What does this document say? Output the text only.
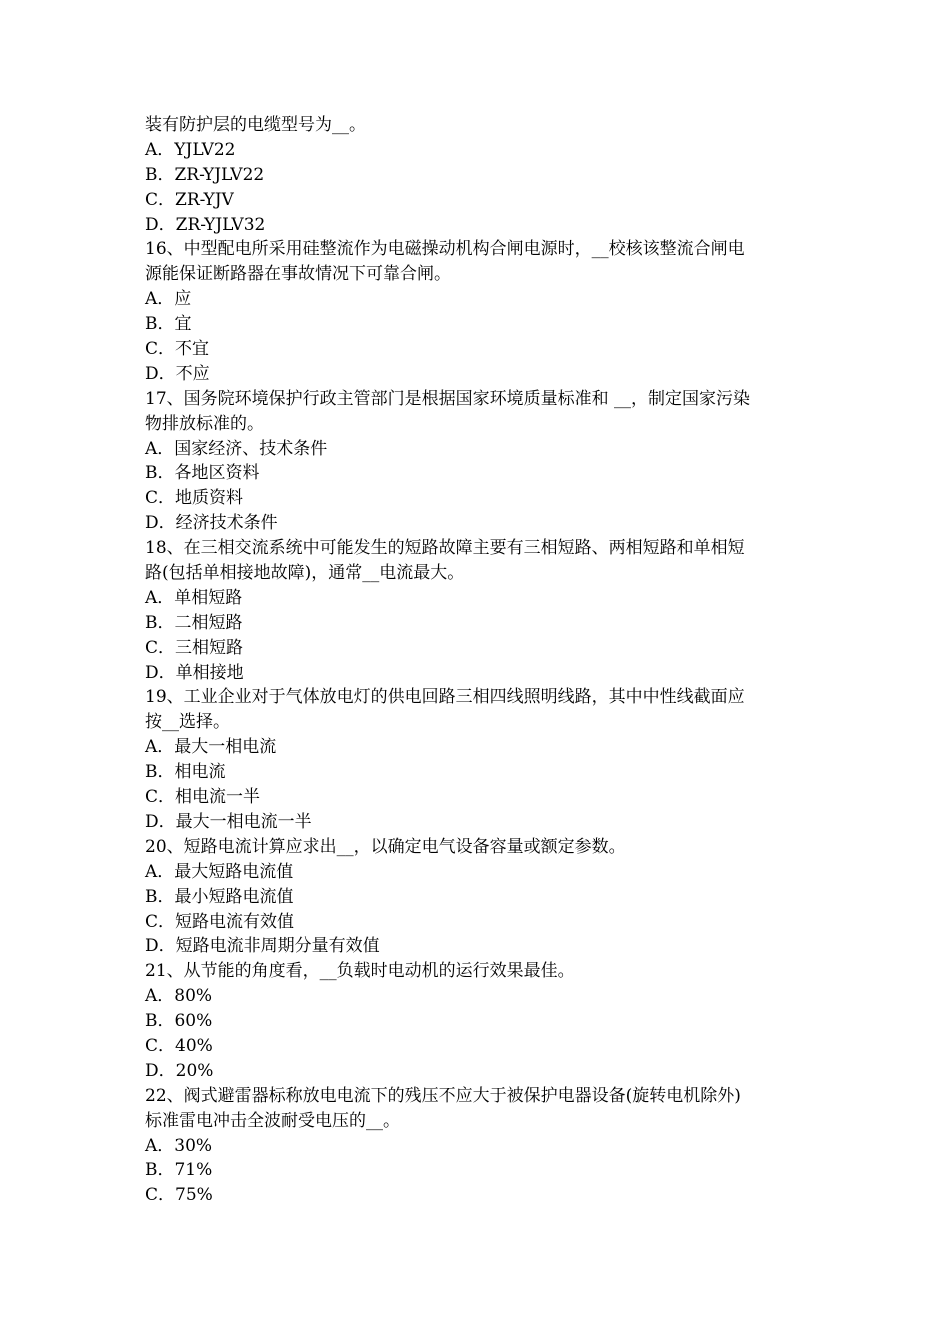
装有防护层的电缆型号为__。
A．YJLV22
B．ZR-YJLV22
C．ZR-YJV
D．ZR-YJLV32
16、中型配电所采用硅整流作为电磁操动机构合闸电源时，__校核该整流合闸电
源能保证断路器在事故情况下可靠合闸。
A．应
B．宜
C．不宜
D．不应
17、国务院环境保护行政主管部门是根据国家环境质量标准和 __，制定国家污染
物排放标准的。
A．国家经济、技术条件
B．各地区资料
C．地质资料
D．经济技术条件
18、在三相交流系统中可能发生的短路故障主要有三相短路、两相短路和单相短
路(包括单相接地故障)，通常__电流最大。
A．单相短路
B．二相短路
C．三相短路
D．单相接地
19、工业企业对于气体放电灯的供电回路三相四线照明线路，其中中性线截面应
按__选择。
A．最大一相电流
B．相电流
C．相电流一半
D．最大一相电流一半
20、短路电流计算应求出__，以确定电气设备容量或额定参数。
A．最大短路电流值
B．最小短路电流值
C．短路电流有效值
D．短路电流非周期分量有效值
21、从节能的角度看，__负载时电动机的运行效果最佳。
A．80%
B．60%
C．40%
D．20%
22、阀式避雷器标称放电电流下的残压不应大于被保护电器设备(旋转电机除外)
标准雷电冲击全波耐受电压的__。
A．30%
B．71%
C．75%
